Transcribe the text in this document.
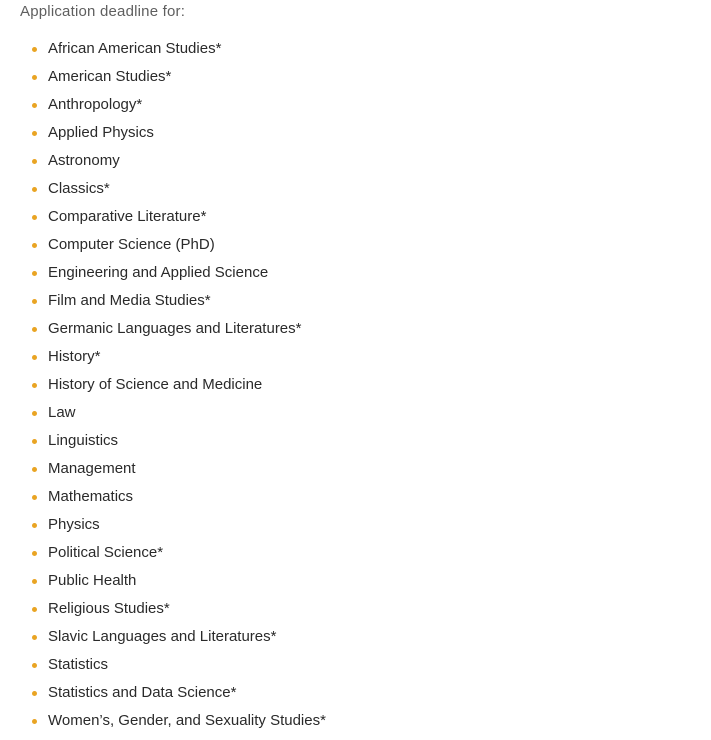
Application deadline for:
African American Studies*
American Studies*
Anthropology*
Applied Physics
Astronomy
Classics*
Comparative Literature*
Computer Science (PhD)
Engineering and Applied Science
Film and Media Studies*
Germanic Languages and Literatures*
History*
History of Science and Medicine
Law
Linguistics
Management
Mathematics
Physics
Political Science*
Public Health
Religious Studies*
Slavic Languages and Literatures*
Statistics
Statistics and Data Science*
Women’s, Gender, and Sexuality Studies*
